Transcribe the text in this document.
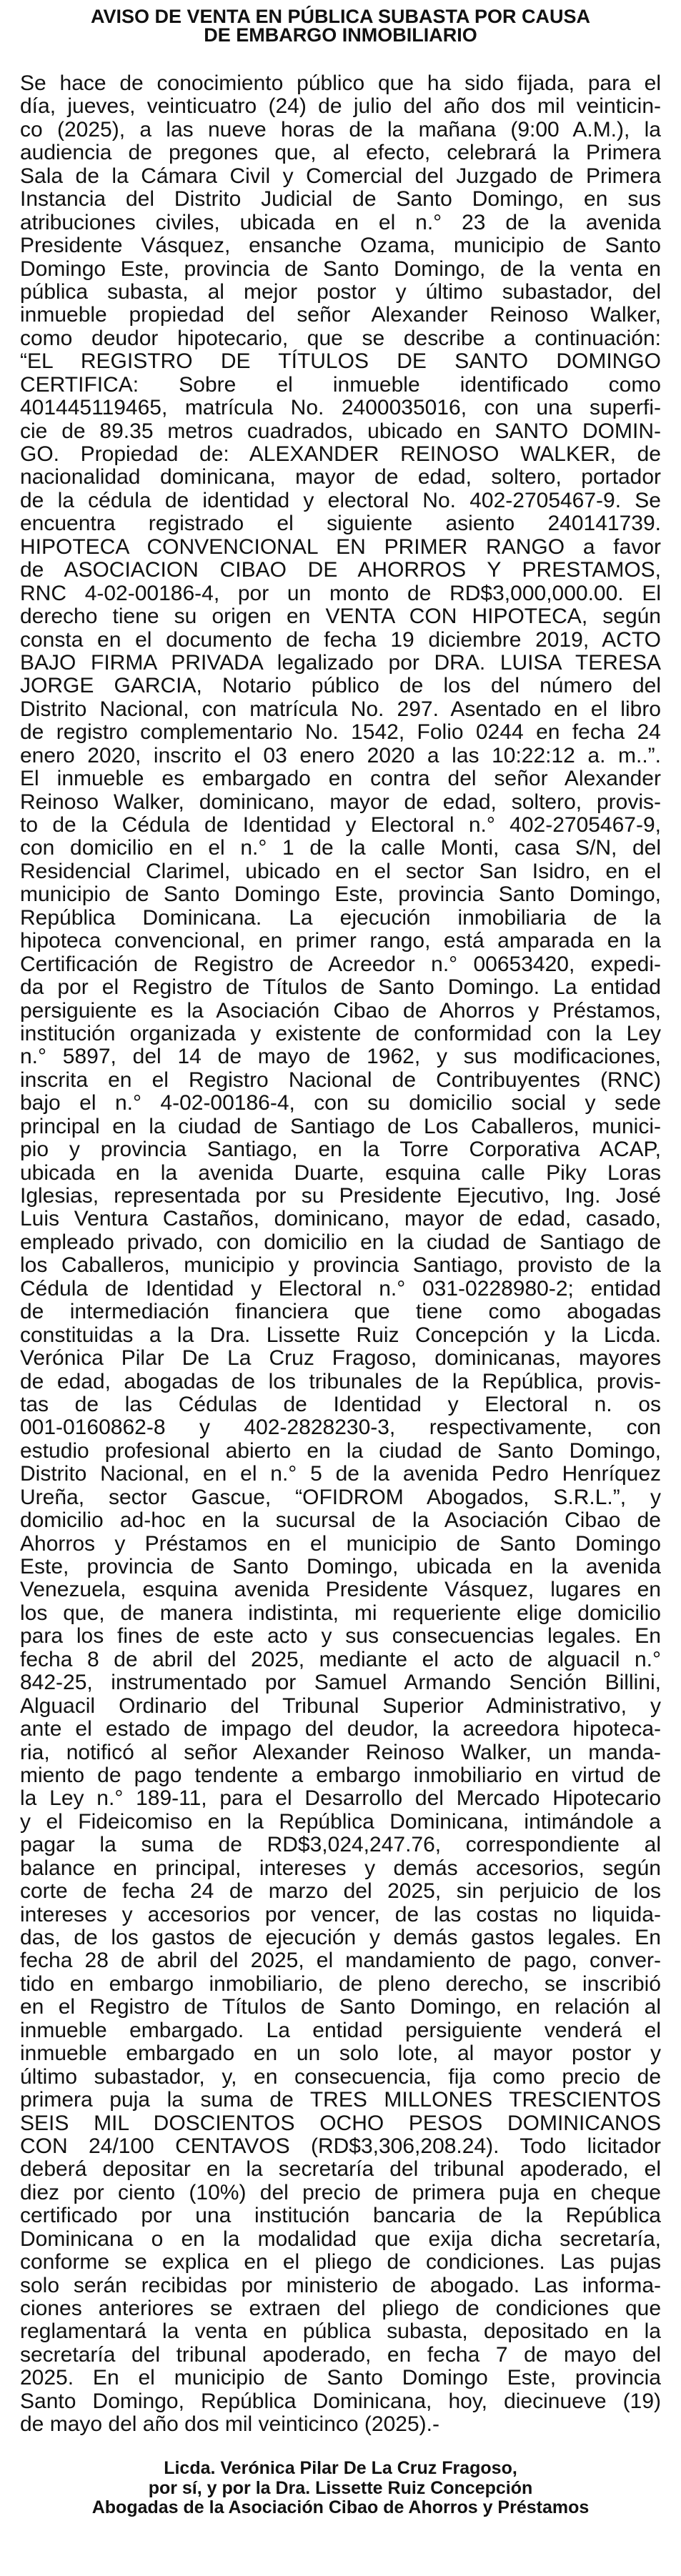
AVISO DE VENTA EN PÚBLICA SUBASTA POR CAUSA
DE EMBARGO INMOBILIARIO
Se hace de conocimiento público que ha sido fijada, para el
día, jueves, veinticuatro (24) de julio del año dos mil veinticin-
co (2025), a las nueve horas de la mañana (9:00 A.M.), la
audiencia de pregones que, al efecto, celebrará la Primera
Sala de la Cámara Civil y Comercial del Juzgado de Primera
Instancia del Distrito Judicial de Santo Domingo, en sus
atribuciones civiles, ubicada en el n.° 23 de la avenida
Presidente Vásquez, ensanche Ozama, municipio de Santo
Domingo Este, provincia de Santo Domingo, de la venta en
pública subasta, al mejor postor y último subastador, del
inmueble propiedad del señor Alexander Reinoso Walker,
como deudor hipotecario, que se describe a continuación:
“EL REGISTRO DE TÍTULOS DE SANTO DOMINGO
CERTIFICA: Sobre el inmueble identificado como
401445119465, matrícula No. 2400035016, con una superfi-
cie de 89.35 metros cuadrados, ubicado en SANTO DOMIN-
GO. Propiedad de: ALEXANDER REINOSO WALKER, de
nacionalidad dominicana, mayor de edad, soltero, portador
de la cédula de identidad y electoral No. 402-2705467-9. Se
encuentra registrado el siguiente asiento 240141739.
HIPOTECA CONVENCIONAL EN PRIMER RANGO a favor
de ASOCIACION CIBAO DE AHORROS Y PRESTAMOS,
RNC 4-02-00186-4, por un monto de RD$3,000,000.00. El
derecho tiene su origen en VENTA CON HIPOTECA, según
consta en el documento de fecha 19 diciembre 2019, ACTO
BAJO FIRMA PRIVADA legalizado por DRA. LUISA TERESA
JORGE GARCIA, Notario público de los del número del
Distrito Nacional, con matrícula No. 297. Asentado en el libro
de registro complementario No. 1542, Folio 0244 en fecha 24
enero 2020, inscrito el 03 enero 2020 a las 10:22:12 a. m..”.
El inmueble es embargado en contra del señor Alexander
Reinoso Walker, dominicano, mayor de edad, soltero, provis-
to de la Cédula de Identidad y Electoral n.° 402-2705467-9,
con domicilio en el n.° 1 de la calle Monti, casa S/N, del
Residencial Clarimel, ubicado en el sector San Isidro, en el
municipio de Santo Domingo Este, provincia Santo Domingo,
República Dominicana. La ejecución inmobiliaria de la
hipoteca convencional, en primer rango, está amparada en la
Certificación de Registro de Acreedor n.° 00653420, expedi-
da por el Registro de Títulos de Santo Domingo. La entidad
persiguiente es la Asociación Cibao de Ahorros y Préstamos,
institución organizada y existente de conformidad con la Ley
n.° 5897, del 14 de mayo de 1962, y sus modificaciones,
inscrita en el Registro Nacional de Contribuyentes (RNC)
bajo el n.° 4-02-00186-4, con su domicilio social y sede
principal en la ciudad de Santiago de Los Caballeros, munici-
pio y provincia Santiago, en la Torre Corporativa ACAP,
ubicada en la avenida Duarte, esquina calle Piky Loras
Iglesias, representada por su Presidente Ejecutivo, Ing. José
Luis Ventura Castaños, dominicano, mayor de edad, casado,
empleado privado, con domicilio en la ciudad de Santiago de
los Caballeros, municipio y provincia Santiago, provisto de la
Cédula de Identidad y Electoral n.° 031-0228980-2; entidad
de intermediación financiera que tiene como abogadas
constituidas a la Dra. Lissette Ruiz Concepción y la Licda.
Verónica Pilar De La Cruz Fragoso, dominicanas, mayores
de edad, abogadas de los tribunales de la República, provis-
tas de las Cédulas de Identidad y Electoral n. os
001-0160862-8 y 402-2828230-3, respectivamente, con
estudio profesional abierto en la ciudad de Santo Domingo,
Distrito Nacional, en el n.° 5 de la avenida Pedro Henríquez
Ureña, sector Gascue, “OFIDROM Abogados, S.R.L.”, y
domicilio ad-hoc en la sucursal de la Asociación Cibao de
Ahorros y Préstamos en el municipio de Santo Domingo
Este, provincia de Santo Domingo, ubicada en la avenida
Venezuela, esquina avenida Presidente Vásquez, lugares en
los que, de manera indistinta, mi requeriente elige domicilio
para los fines de este acto y sus consecuencias legales. En
fecha 8 de abril del 2025, mediante el acto de alguacil n.°
842-25, instrumentado por Samuel Armando Sención Billini,
Alguacil Ordinario del Tribunal Superior Administrativo, y
ante el estado de impago del deudor, la acreedora hipoteca-
ria, notificó al señor Alexander Reinoso Walker, un manda-
miento de pago tendente a embargo inmobiliario en virtud de
la Ley n.° 189-11, para el Desarrollo del Mercado Hipotecario
y el Fideicomiso en la República Dominicana, intimándole a
pagar la suma de RD$3,024,247.76, correspondiente al
balance en principal, intereses y demás accesorios, según
corte de fecha 24 de marzo del 2025, sin perjuicio de los
intereses y accesorios por vencer, de las costas no liquida-
das, de los gastos de ejecución y demás gastos legales. En
fecha 28 de abril del 2025, el mandamiento de pago, conver-
tido en embargo inmobiliario, de pleno derecho, se inscribió
en el Registro de Títulos de Santo Domingo, en relación al
inmueble embargado. La entidad persiguiente venderá el
inmueble embargado en un solo lote, al mayor postor y
último subastador, y, en consecuencia, fija como precio de
primera puja la suma de TRES MILLONES TRESCIENTOS
SEIS MIL DOSCIENTOS OCHO PESOS DOMINICANOS
CON 24/100 CENTAVOS (RD$3,306,208.24). Todo licitador
deberá depositar en la secretaría del tribunal apoderado, el
diez por ciento (10%) del precio de primera puja en cheque
certificado por una institución bancaria de la República
Dominicana o en la modalidad que exija dicha secretaría,
conforme se explica en el pliego de condiciones. Las pujas
solo serán recibidas por ministerio de abogado. Las informa-
ciones anteriores se extraen del pliego de condiciones que
reglamentará la venta en pública subasta, depositado en la
secretaría del tribunal apoderado, en fecha 7 de mayo del
2025. En el municipio de Santo Domingo Este, provincia
Santo Domingo, República Dominicana, hoy, diecinueve (19)
de mayo del año dos mil veinticinco (2025).-
Licda. Verónica Pilar De La Cruz Fragoso,
por sí, y por la Dra. Lissette Ruiz Concepción
Abogadas de la Asociación Cibao de Ahorros y Préstamos
